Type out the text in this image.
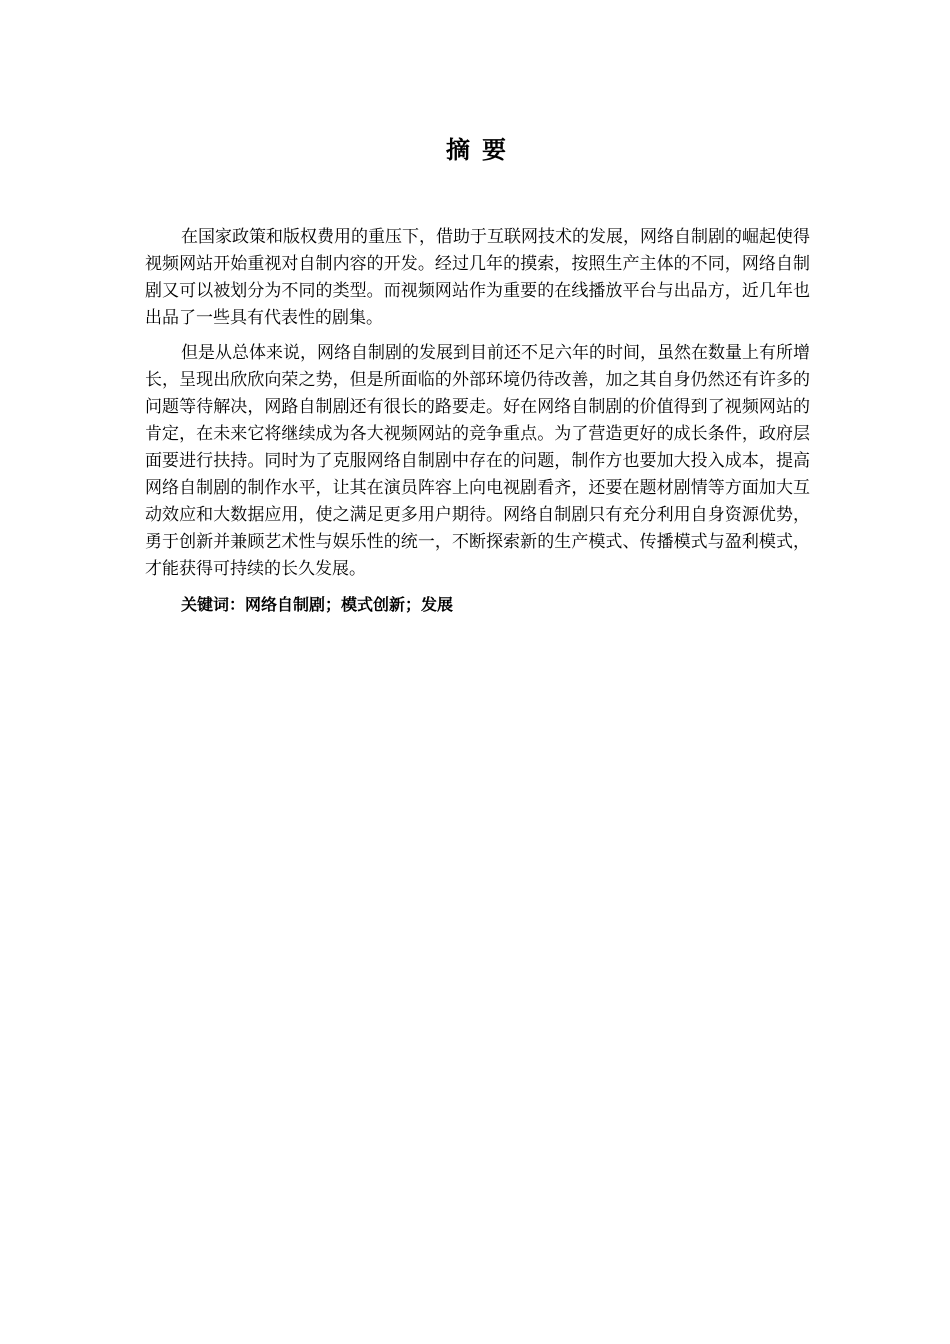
摘要

在国家政策和版权费用的重压下，借助于互联网技术的发展，网络自制剧的崛起使得视频网站开始重视对自制内容的开发。经过几年的摸索，按照生产主体的不同，网络自制剧又可以被划分为不同的类型。而视频网站作为重要的在线播放平台与出品方，近几年也出品了一些具有代表性的剧集。

但是从总体来说，网络自制剧的发展到目前还不足六年的时间，虽然在数量上有所增长，呈现出欣欣向荣之势，但是所面临的外部环境仍待改善，加之其自身仍然还有许多的问题等待解决，网路自制剧还有很长的路要走。好在网络自制剧的价值得到了视频网站的肯定，在未来它将继续成为各大视频网站的竞争重点。为了营造更好的成长条件，政府层面要进行扶持。同时为了克服网络自制剧中存在的问题，制作方也要加大投入成本，提高网络自制剧的制作水平，让其在演员阵容上向电视剧看齐，还要在题材剧情等方面加大互动效应和大数据应用，使之满足更多用户期待。网络自制剧只有充分利用自身资源优势，勇于创新并兼顾艺术性与娱乐性的统一，不断探索新的生产模式、传播模式与盈利模式，才能获得可持续的长久发展。

关键词：网络自制剧；模式创新；发展
